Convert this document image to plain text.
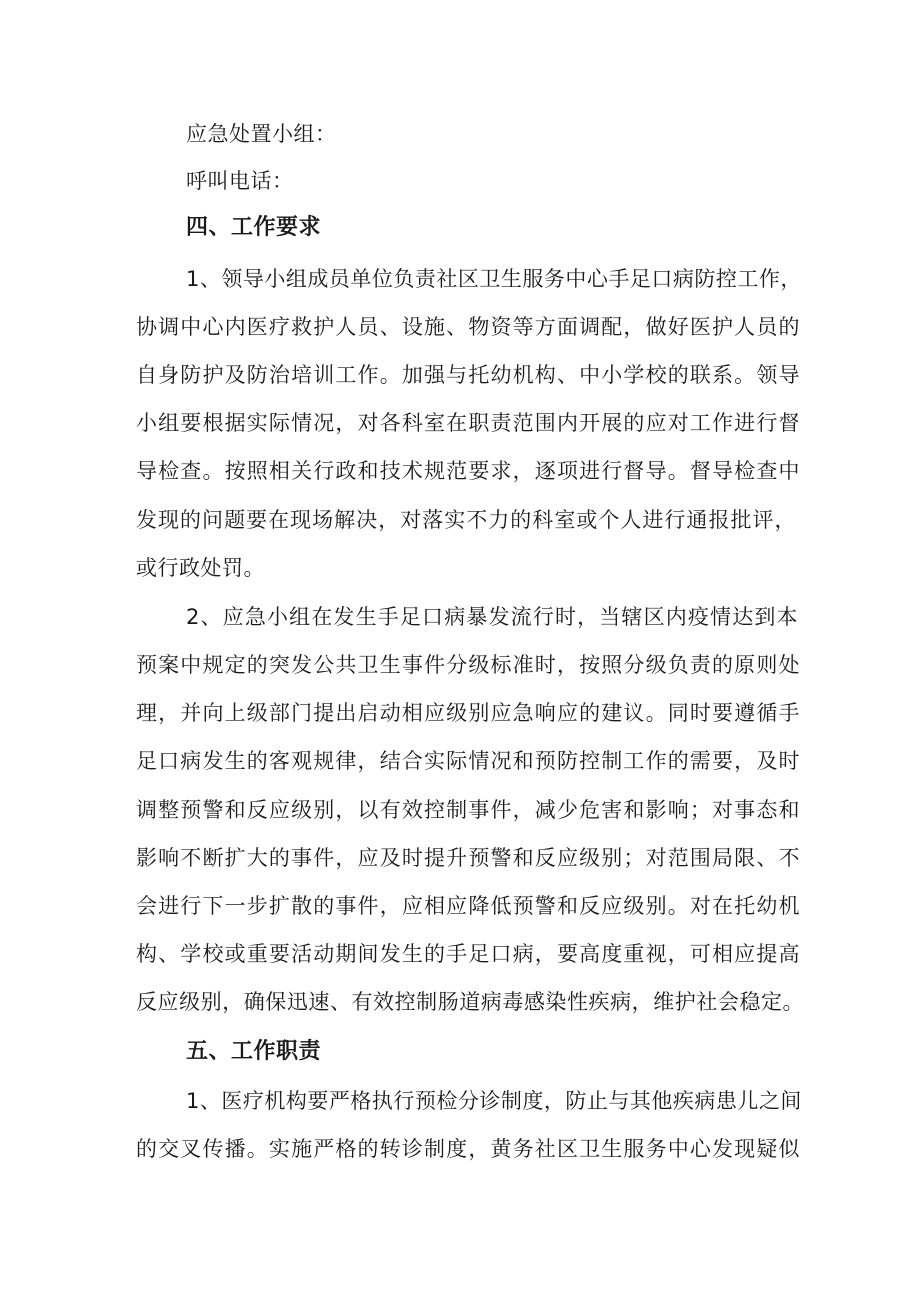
应急处置小组：
呼叫电话：
四、工作要求
1、领导小组成员单位负责社区卫生服务中心手足口病防控工作，
协调中心内医疗救护人员、设施、物资等方面调配，做好医护人员的
自身防护及防治培训工作。加强与托幼机构、中小学校的联系。领导
小组要根据实际情况，对各科室在职责范围内开展的应对工作进行督
导检查。按照相关行政和技术规范要求，逐项进行督导。督导检查中
发现的问题要在现场解决，对落实不力的科室或个人进行通报批评，
或行政处罚。
2、应急小组在发生手足口病暴发流行时，当辖区内疫情达到本
预案中规定的突发公共卫生事件分级标准时，按照分级负责的原则处
理，并向上级部门提出启动相应级别应急响应的建议。同时要遵循手
足口病发生的客观规律，结合实际情况和预防控制工作的需要，及时
调整预警和反应级别，以有效控制事件，减少危害和影响；对事态和
影响不断扩大的事件，应及时提升预警和反应级别；对范围局限、不
会进行下一步扩散的事件，应相应降低预警和反应级别。对在托幼机
构、学校或重要活动期间发生的手足口病，要高度重视，可相应提高
反应级别，确保迅速、有效控制肠道病毒感染性疾病，维护社会稳定。
五、工作职责
1、医疗机构要严格执行预检分诊制度，防止与其他疾病患儿之间
的交叉传播。实施严格的转诊制度，黄务社区卫生服务中心发现疑似
